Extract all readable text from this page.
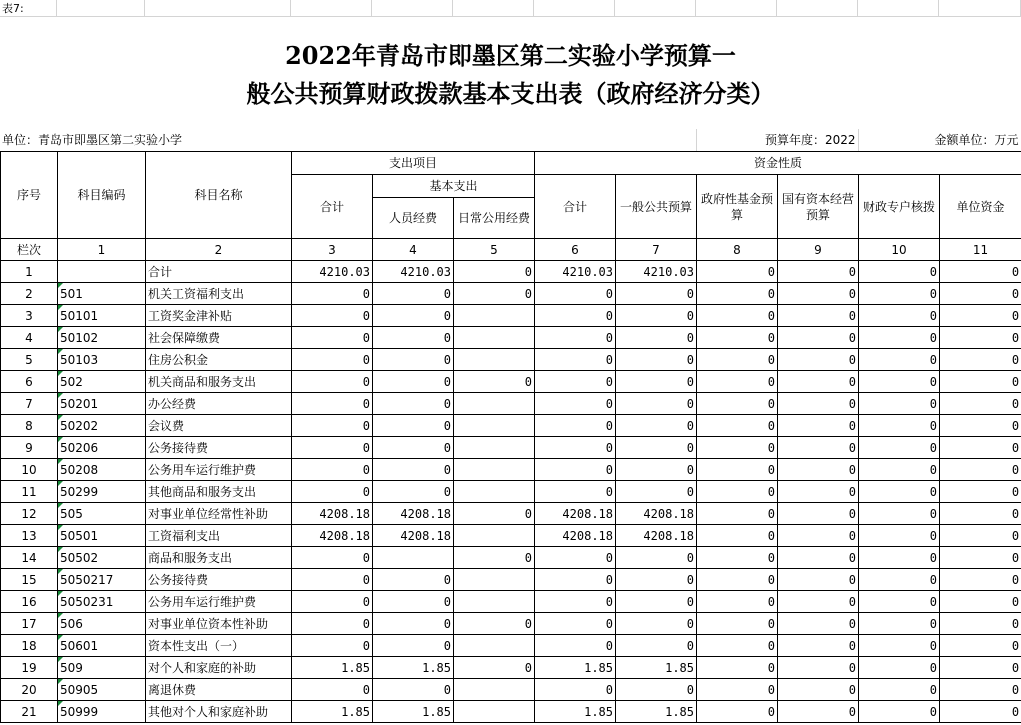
表7:											
2022年青岛市即墨区第二实验小学预算一
般公共预算财政拨款基本支出表（政府经济分类）
单位：青岛市即墨区第二实验小学	预算年度：2022	金额单位：万元
序号	科目编码	科目名称	支出项目			资金性质					
			合计	基本支出		合计	一般公共预算	政府性基金预算	国有资本经营预算	财政专户核拨	单位资金
				人员经费	日常公用经费						
栏次	1	2	3	4	5	6	7	8	9	10	11
1		合计	4210.03	4210.03	0	4210.03	4210.03	0	0	0	0
2	501	机关工资福利支出	0	0	0	0	0	0	0	0	0
3	50101	工资奖金津补贴	0	0		0	0	0	0	0	0
4	50102	社会保障缴费	0	0		0	0	0	0	0	0
5	50103	住房公积金	0	0		0	0	0	0	0	0
6	502	机关商品和服务支出	0	0	0	0	0	0	0	0	0
7	50201	办公经费	0	0		0	0	0	0	0	0
8	50202	会议费	0	0		0	0	0	0	0	0
9	50206	公务接待费	0	0		0	0	0	0	0	0
10	50208	公务用车运行维护费	0	0		0	0	0	0	0	0
11	50299	其他商品和服务支出	0	0		0	0	0	0	0	0
12	505	对事业单位经常性补助	4208.18	4208.18	0	4208.18	4208.18	0	0	0	0
13	50501	工资福利支出	4208.18	4208.18		4208.18	4208.18	0	0	0	0
14	50502	商品和服务支出	0		0	0	0	0	0	0	0
15	5050217	公务接待费	0	0		0	0	0	0	0	0
16	5050231	公务用车运行维护费	0	0		0	0	0	0	0	0
17	506	对事业单位资本性补助	0	0	0	0	0	0	0	0	0
18	50601	资本性支出（一）	0	0		0	0	0	0	0	0
19	509	对个人和家庭的补助	1.85	1.85	0	1.85	1.85	0	0	0	0
20	50905	离退休费	0	0		0	0	0	0	0	0
21	50999	其他对个人和家庭补助	1.85	1.85		1.85	1.85	0	0	0	0
